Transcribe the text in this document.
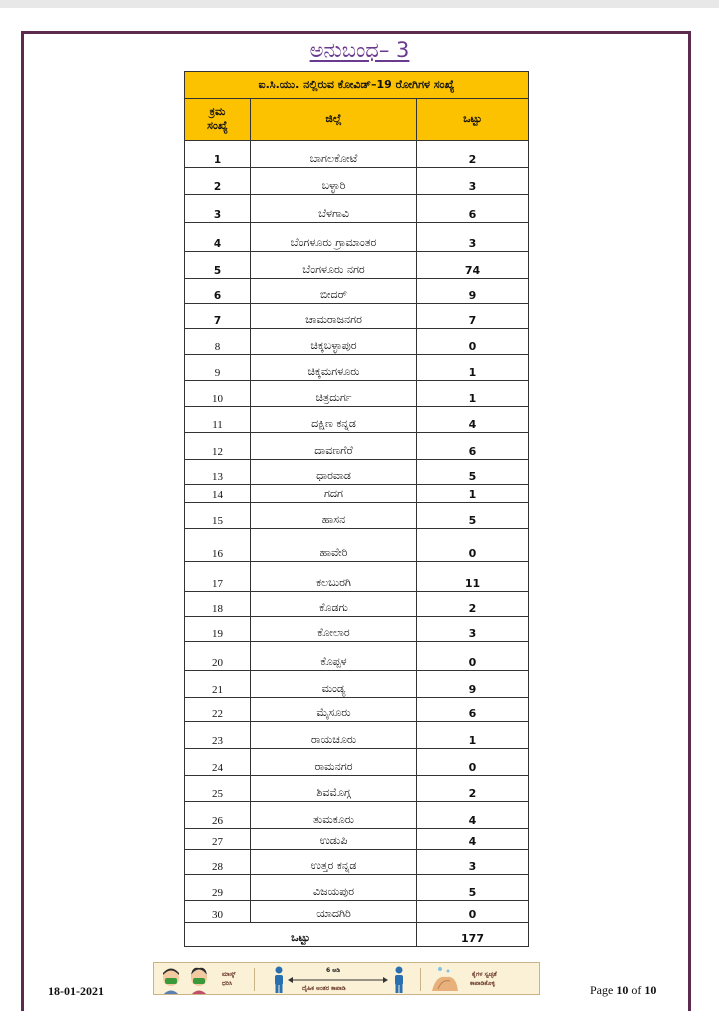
ಅನುಬಂಧ– 3
ಐ.ಸಿ.ಯು. ನಲ್ಲಿರುವ ಕೋವಿಡ್–19 ರೋಗಿಗಳ ಸಂಖ್ಯೆ		

ಕ್ರಮ
ಸಂಖ್ಯೆ	ಜಿಲ್ಲೆ	ಒಟ್ಟು
1	ಬಾಗಲಕೋಟೆ	2
2	ಬಳ್ಳಾರಿ	3
3	ಬೆಳಗಾವಿ	6
4	ಬೆಂಗಳೂರು ಗ್ರಾಮಾಂತರ	3
5	ಬೆಂಗಳೂರು ನಗರ	74
6	ಬೀದರ್	9
7	ಚಾಮರಾಜನಗರ	7
8	ಚಿಕ್ಕಬಳ್ಳಾಪುರ	0
9	ಚಿಕ್ಕಮಗಳೂರು	1
10	ಚಿತ್ರದುರ್ಗ	1
11	ದಕ್ಷಿಣ ಕನ್ನಡ	4
12	ದಾವಣಗೆರೆ	6
13	ಧಾರವಾಡ	5
14	ಗದಗ	1
15	ಹಾಸನ	5
16	ಹಾವೇರಿ	0
17	ಕಲಬುರಗಿ	11
18	ಕೊಡಗು	2
19	ಕೋಲಾರ	3
20	ಕೊಪ್ಪಳ	0
21	ಮಂಡ್ಯ	9
22	ಮೈಸೂರು	6
23	ರಾಯಚೂರು	1
24	ರಾಮನಗರ	0
25	ಶಿವಮೊಗ್ಗ	2
26	ತುಮಕೂರು	4
27	ಉಡುಪಿ	4
28	ಉತ್ತರ ಕನ್ನಡ	3
29	ವಿಜಯಪುರ	5
30	ಯಾದಗಿರಿ	0
ಒಟ್ಟು		177
18-01-2021
ಮಾಸ್ಕ್
ಧರಿಸಿ
6 ಅಡಿ
ದೈಹಿಕ ಅಂತರ ಕಾಪಾಡಿ
ಕೈಗಳ ಸ್ವಚ್ಛತೆ
ಕಾಪಾಡಿಕೊಳ್ಳಿ	Page 10 of 10
